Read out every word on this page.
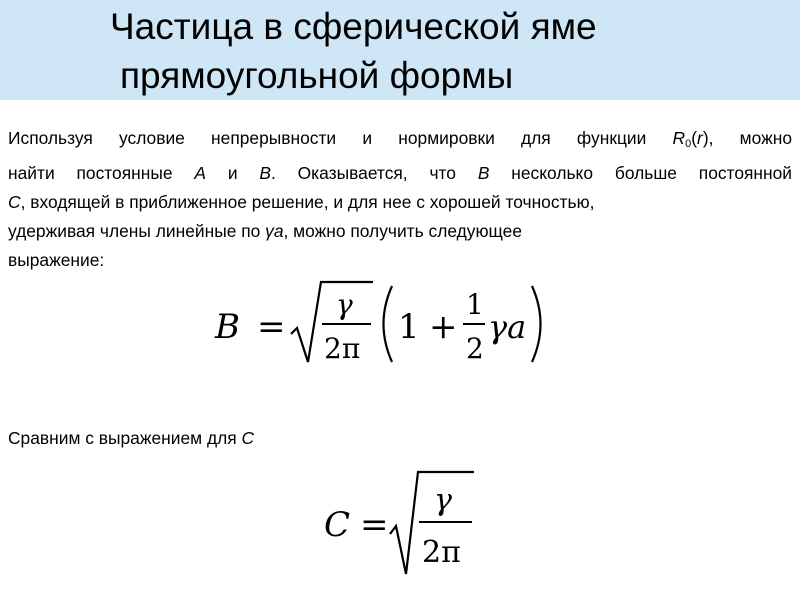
Частица в сферической яме
прямоугольной формы
Используя условие непрерывности и нормировки для функции $R_0(r)$, можно
найти постоянные A и B. Оказывается, что B несколько больше постоянной
C, входящей в приближенное решение, и для нее с хорошей точностью,
удерживая члены линейные по γa, можно получить следующее
выражение:
B =
γ
2π
1 +
1
2
γa
Сравним с выражением для C
C =
γ
2π
